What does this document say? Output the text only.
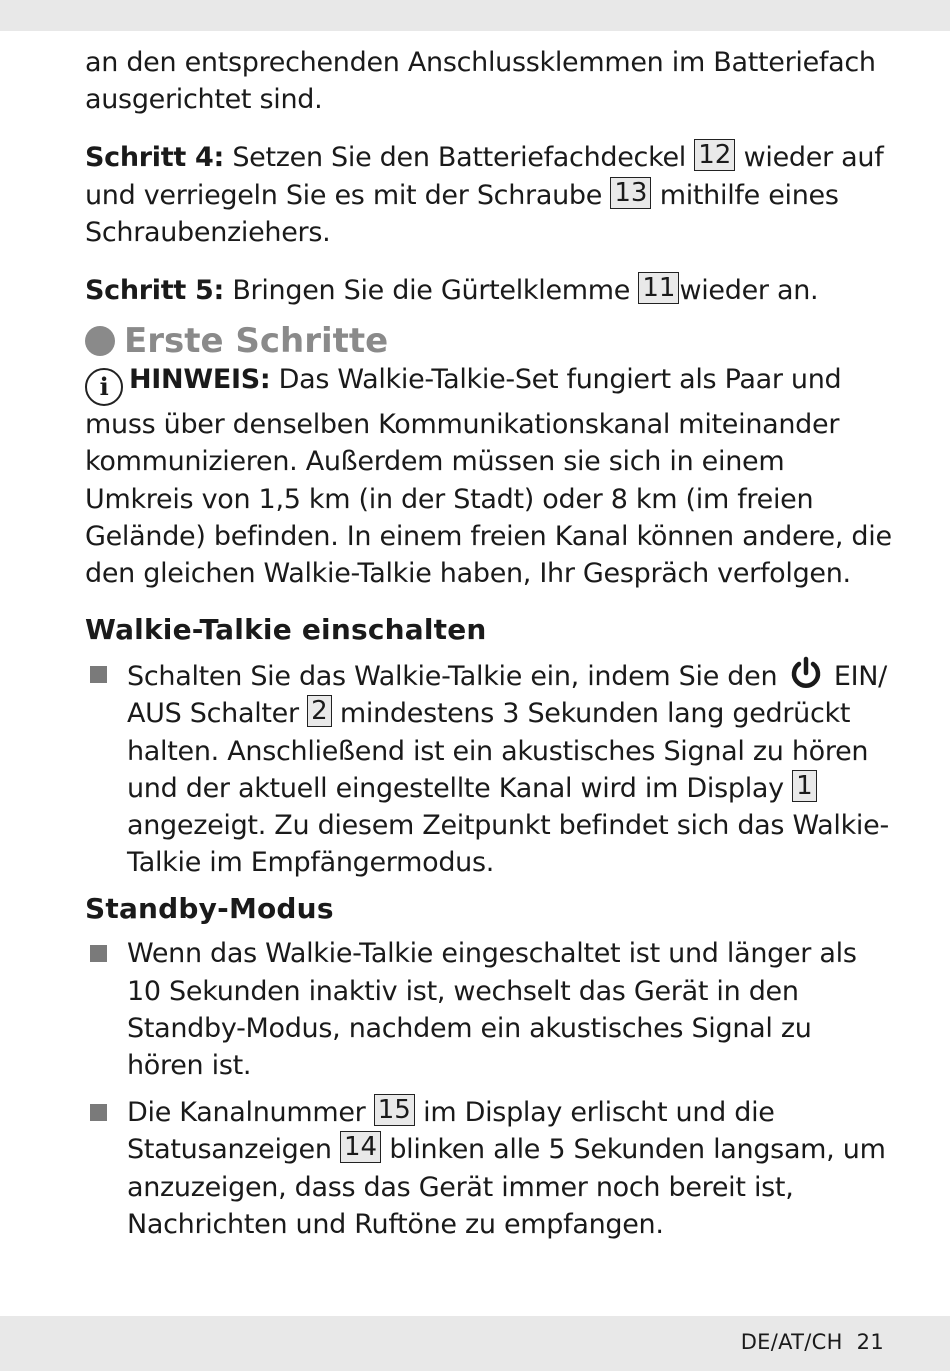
an den entsprechenden Anschlussklemmen im Batteriefach ausgerichtet sind.

Schritt 4: Setzen Sie den Batteriefachdeckel 12 wieder auf und verriegeln Sie es mit der Schraube 13 mithilfe eines Schraubenziehers.

Schritt 5: Bringen Sie die Gürtelklemme 11 wieder an.

Erste Schritte

i HINWEIS: Das Walkie-Talkie-Set fungiert als Paar und muss über denselben Kommunikationskanal miteinander kommunizieren. Außerdem müssen sie sich in einem Umkreis von 1,5 km (in der Stadt) oder 8 km (im freien Gelände) befinden. In einem freien Kanal können andere, die den gleichen Walkie-Talkie haben, Ihr Gespräch verfolgen.

Walkie-Talkie einschalten
Schalten Sie das Walkie-Talkie ein, indem Sie den  EIN/ AUS Schalter 2 mindestens 3 Sekunden lang gedrückt halten. Anschließend ist ein akustisches Signal zu hören und der aktuell eingestellte Kanal wird im Display 1 angezeigt. Zu diesem Zeitpunkt befindet sich das Walkie-Talkie im Empfängermodus.
Standby-Modus
Wenn das Walkie-Talkie eingeschaltet ist und länger als 10 Sekunden inaktiv ist, wechselt das Gerät in den Standby-Modus, nachdem ein akustisches Signal zu hören ist.
Die Kanalnummer 15 im Display erlischt und die Statusanzeigen 14 blinken alle 5 Sekunden langsam, um anzuzeigen, dass das Gerät immer noch bereit ist, Nachrichten und Ruftöne zu empfangen.
DE/AT/CH 21
